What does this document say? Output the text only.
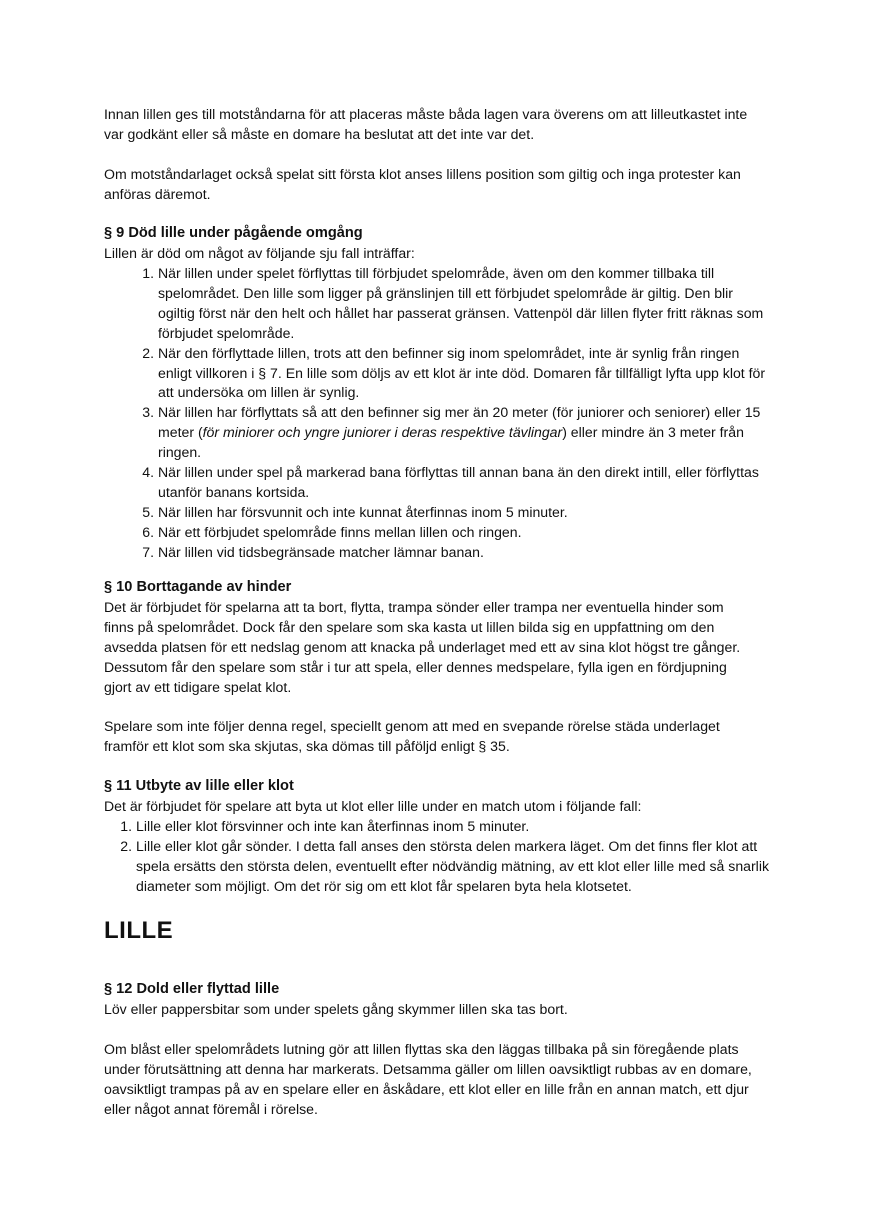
Innan lillen ges till motståndarna för att placeras måste båda lagen vara överens om att lilleutkastet inte var godkänt eller så måste en domare ha beslutat att det inte var det.

Om motståndarlaget också spelat sitt första klot anses lillens position som giltig och inga protester kan anföras däremot.

§ 9 Död lille under pågående omgång

Lillen är död om något av följande sju fall inträffar:

1. När lillen under spelet förflyttas till förbjudet spelområde, även om den kommer tillbaka till spelområdet. Den lille som ligger på gränslinjen till ett förbjudet spelområde är giltig. Den blir ogiltig först när den helt och hållet har passerat gränsen. Vattenpöl där lillen flyter fritt räknas som förbjudet spelområde.
2. När den förflyttade lillen, trots att den befinner sig inom spelområdet, inte är synlig från ringen enligt villkoren i § 7. En lille som döljs av ett klot är inte död. Domaren får tillfälligt lyfta upp klot för att undersöka om lillen är synlig.
3. När lillen har förflyttats så att den befinner sig mer än 20 meter (för juniorer och seniorer) eller 15 meter (för miniorer och yngre juniorer i deras respektive tävlingar) eller mindre än 3 meter från ringen.
4. När lillen under spel på markerad bana förflyttas till annan bana än den direkt intill, eller förflyttas utanför banans kortsida.
5. När lillen har försvunnit och inte kunnat återfinnas inom 5 minuter.
6. När ett förbjudet spelområde finns mellan lillen och ringen.
7. När lillen vid tidsbegränsade matcher lämnar banan.
§ 10 Borttagande av hinder

Det är förbjudet för spelarna att ta bort, flytta, trampa sönder eller trampa ner eventuella hinder som finns på spelområdet. Dock får den spelare som ska kasta ut lillen bilda sig en uppfattning om den avsedda platsen för ett nedslag genom att knacka på underlaget med ett av sina klot högst tre gånger. Dessutom får den spelare som står i tur att spela, eller dennes medspelare, fylla igen en fördjupning gjort av ett tidigare spelat klot.

Spelare som inte följer denna regel, speciellt genom att med en svepande rörelse städa underlaget framför ett klot som ska skjutas, ska dömas till påföljd enligt § 35.

§ 11 Utbyte av lille eller klot

Det är förbjudet för spelare att byta ut klot eller lille under en match utom i följande fall:

1. Lille eller klot försvinner och inte kan återfinnas inom 5 minuter.
2. Lille eller klot går sönder. I detta fall anses den största delen markera läget. Om det finns fler klot att spela ersätts den största delen, eventuellt efter nödvändig mätning, av ett klot eller lille med så snarlik diameter som möjligt. Om det rör sig om ett klot får spelaren byta hela klotsetet.
LILLE
§ 12 Dold eller flyttad lille

Löv eller pappersbitar som under spelets gång skymmer lillen ska tas bort.

Om blåst eller spelområdets lutning gör att lillen flyttas ska den läggas tillbaka på sin föregående plats under förutsättning att denna har markerats. Detsamma gäller om lillen oavsiktligt rubbas av en domare, oavsiktligt trampas på av en spelare eller en åskådare, ett klot eller en lille från en annan match, ett djur eller något annat föremål i rörelse.
